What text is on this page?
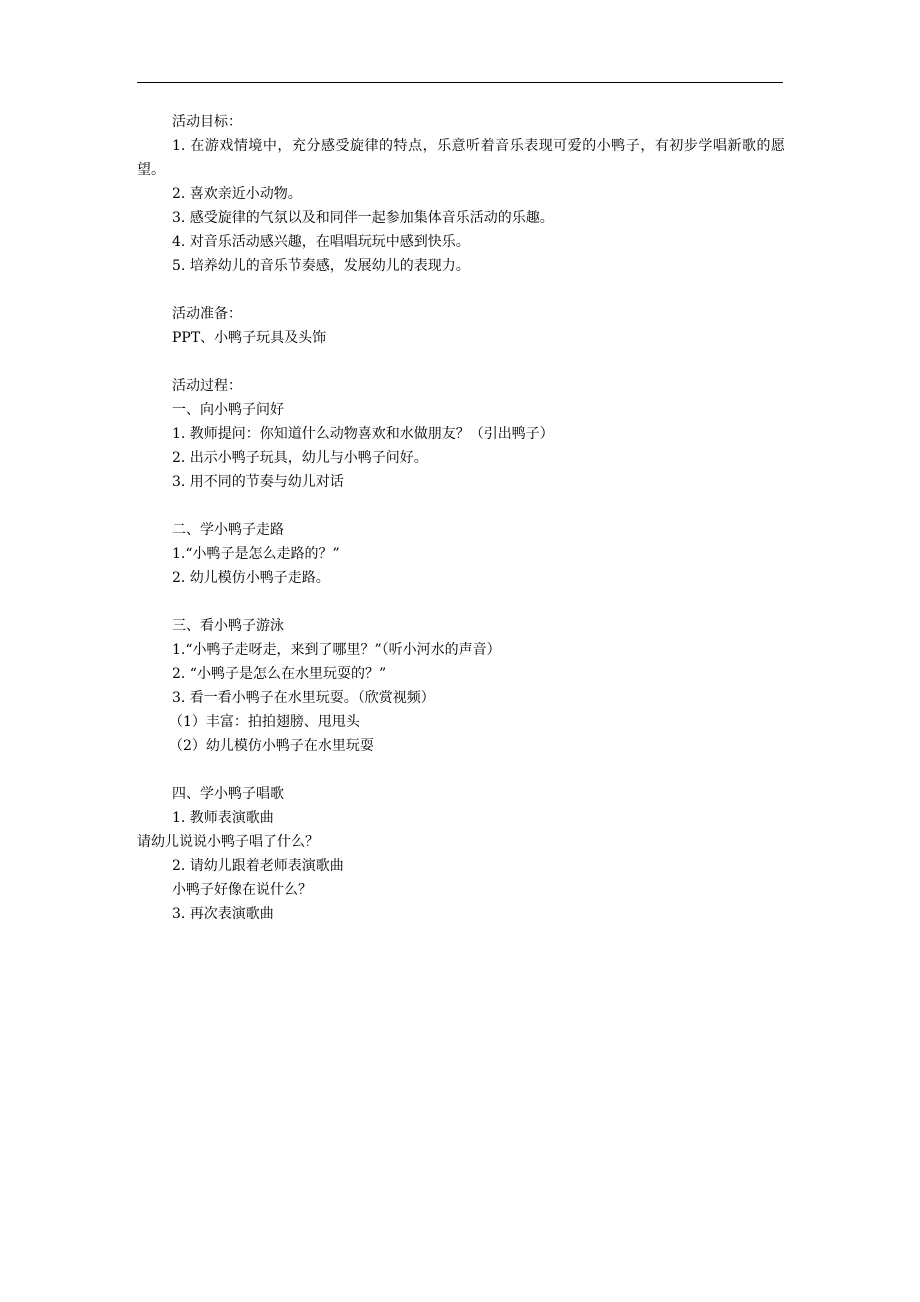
活动目标：
1. 在游戏情境中，充分感受旋律的特点，乐意听着音乐表现可爱的小鸭子，有初步学唱新歌的愿望。
2. 喜欢亲近小动物。
3. 感受旋律的气氛以及和同伴一起参加集体音乐活动的乐趣。
4. 对音乐活动感兴趣，在唱唱玩玩中感到快乐。
5. 培养幼儿的音乐节奏感，发展幼儿的表现力。
活动准备：
PPT、小鸭子玩具及头饰
活动过程：
一、向小鸭子问好
1. 教师提问：你知道什么动物喜欢和水做朋友？（引出鸭子）
2. 出示小鸭子玩具，幼儿与小鸭子问好。
3. 用不同的节奏与幼儿对话
二、学小鸭子走路
1.“小鸭子是怎么走路的？”
2. 幼儿模仿小鸭子走路。
三、看小鸭子游泳
1.“小鸭子走呀走，来到了哪里？”（听小河水的声音）
2. “小鸭子是怎么在水里玩耍的？”
3. 看一看小鸭子在水里玩耍。（欣赏视频）
（1）丰富：拍拍翅膀、甩甩头
（2）幼儿模仿小鸭子在水里玩耍
四、学小鸭子唱歌
1. 教师表演歌曲
请幼儿说说小鸭子唱了什么？
2. 请幼儿跟着老师表演歌曲
小鸭子好像在说什么？
3. 再次表演歌曲
